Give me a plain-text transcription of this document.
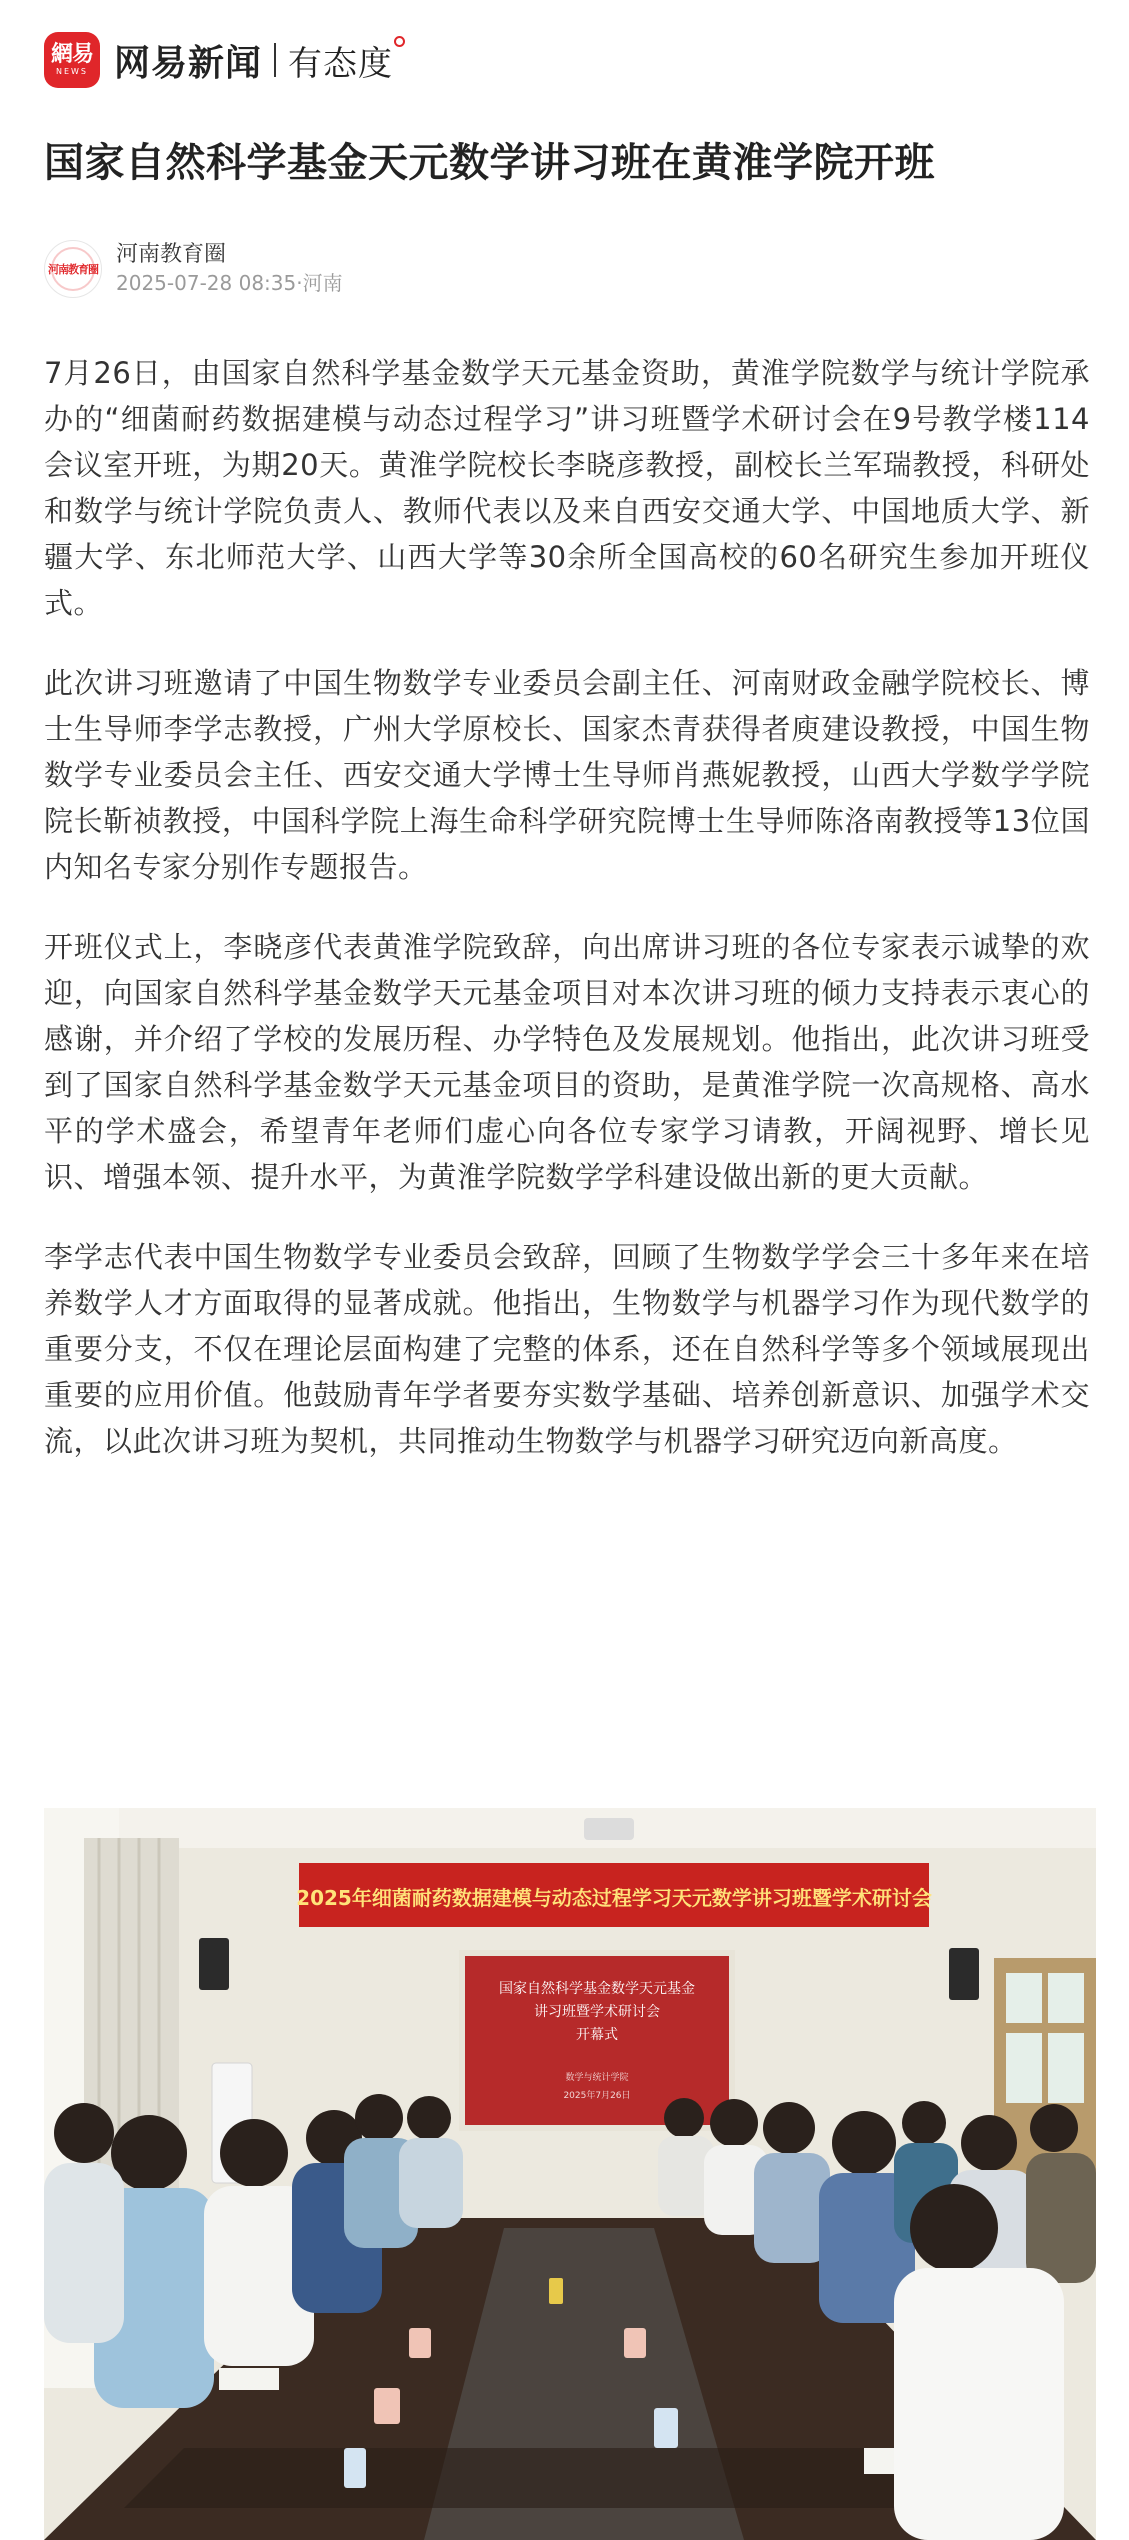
網易
NEWS 网易新闻 有态度
国家自然科学基金天元数学讲习班在黄淮学院开班
河南教育圈
河南教育圈
2025-07-28 08:35·河南

7月26日，由国家自然科学基金数学天元基金资助，黄淮学院数学与统计学院承办的“细菌耐药数据建模与动态过程学习”讲习班暨学术研讨会在9号教学楼114会议室开班，为期20天。黄淮学院校长李晓彦教授，副校长兰军瑞教授，科研处和数学与统计学院负责人、教师代表以及来自西安交通大学、中国地质大学、新疆大学、东北师范大学、山西大学等30余所全国高校的60名研究生参加开班仪式。

此次讲习班邀请了中国生物数学专业委员会副主任、河南财政金融学院校长、博士生导师李学志教授，广州大学原校长、国家杰青获得者庾建设教授，中国生物数学专业委员会主任、西安交通大学博士生导师肖燕妮教授，山西大学数学学院院长靳祯教授，中国科学院上海生命科学研究院博士生导师陈洛南教授等13位国内知名专家分别作专题报告。

开班仪式上，李晓彦代表黄淮学院致辞，向出席讲习班的各位专家表示诚挚的欢迎，向国家自然科学基金数学天元基金项目对本次讲习班的倾力支持表示衷心的感谢，并介绍了学校的发展历程、办学特色及发展规划。他指出，此次讲习班受到了国家自然科学基金数学天元基金项目的资助，是黄淮学院一次高规格、高水平的学术盛会，希望青年老师们虚心向各位专家学习请教，开阔视野、增长见识、增强本领、提升水平，为黄淮学院数学学科建设做出新的更大贡献。

李学志代表中国生物数学专业委员会致辞，回顾了生物数学学会三十多年来在培养数学人才方面取得的显著成就。他指出，生物数学与机器学习作为现代数学的重要分支，不仅在理论层面构建了完整的体系，还在自然科学等多个领域展现出重要的应用价值。他鼓励青年学者要夯实数学基础、培养创新意识、加强学术交流，以此次讲习班为契机，共同推动生物数学与机器学习研究迈向新高度。

2025年细菌耐药数据建模与动态过程学习天元数学讲习班暨学术研讨会
国家自然科学基金数学天元基金
讲习班暨学术研讨会
开幕式
数学与统计学院
2025年7月26日
